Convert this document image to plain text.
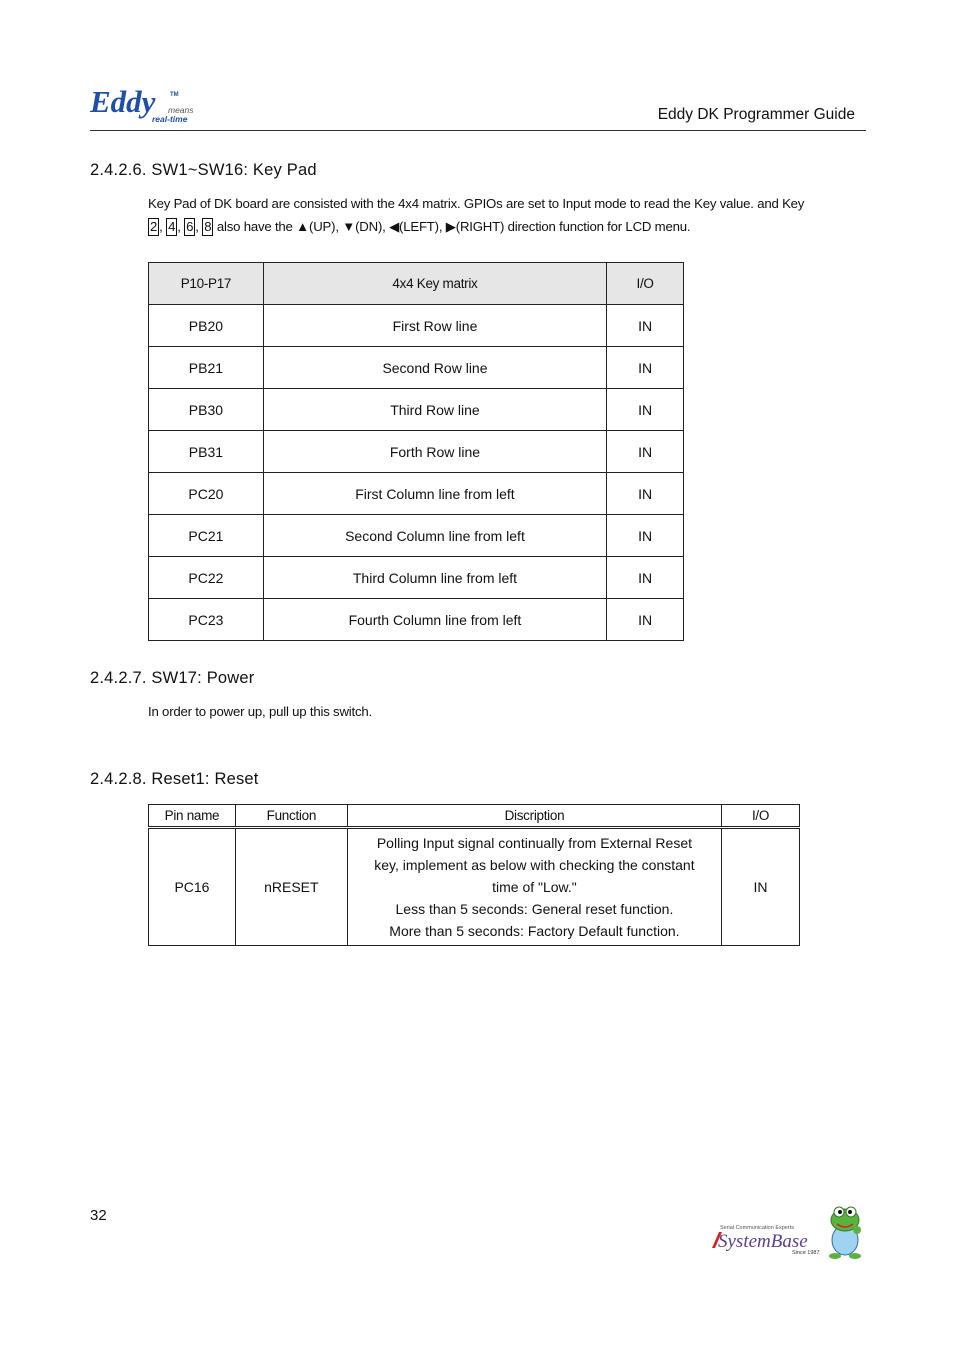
Eddy TM
means
real-time	Eddy DK Programmer Guide
2.4.2.6. SW1~SW16: Key Pad
Key Pad of DK board are consisted with the 4x4 matrix. GPIOs are set to Input mode to read the Key value. and Key
2 , 4 , 6 , 8 also have the ▲(UP), ▼(DN), ◀(LEFT), ▶(RIGHT) direction function for LCD menu.
P10-P17	4x4 Key matrix	I/O
PB20	First Row line	IN
PB21	Second Row line	IN
PB30	Third Row line	IN
PB31	Forth Row line	IN
PC20	First Column line from left	IN
PC21	Second Column line from left	IN
PC22	Third Column line from left	IN
PC23	Fourth Column line from left	IN
2.4.2.7. SW17: Power
In order to power up, pull up this switch.
2.4.2.8. Reset1: Reset
Pin name	Function	Discription	I/O
PC16	nRESET	Polling Input signal continually from External Reset
key, implement as below with checking the constant
time of "Low."
Less than 5 seconds: General reset function.
More than 5 seconds: Factory Default function.	IN
32
Serial Communication Experts
SystemBase
Since 1987
